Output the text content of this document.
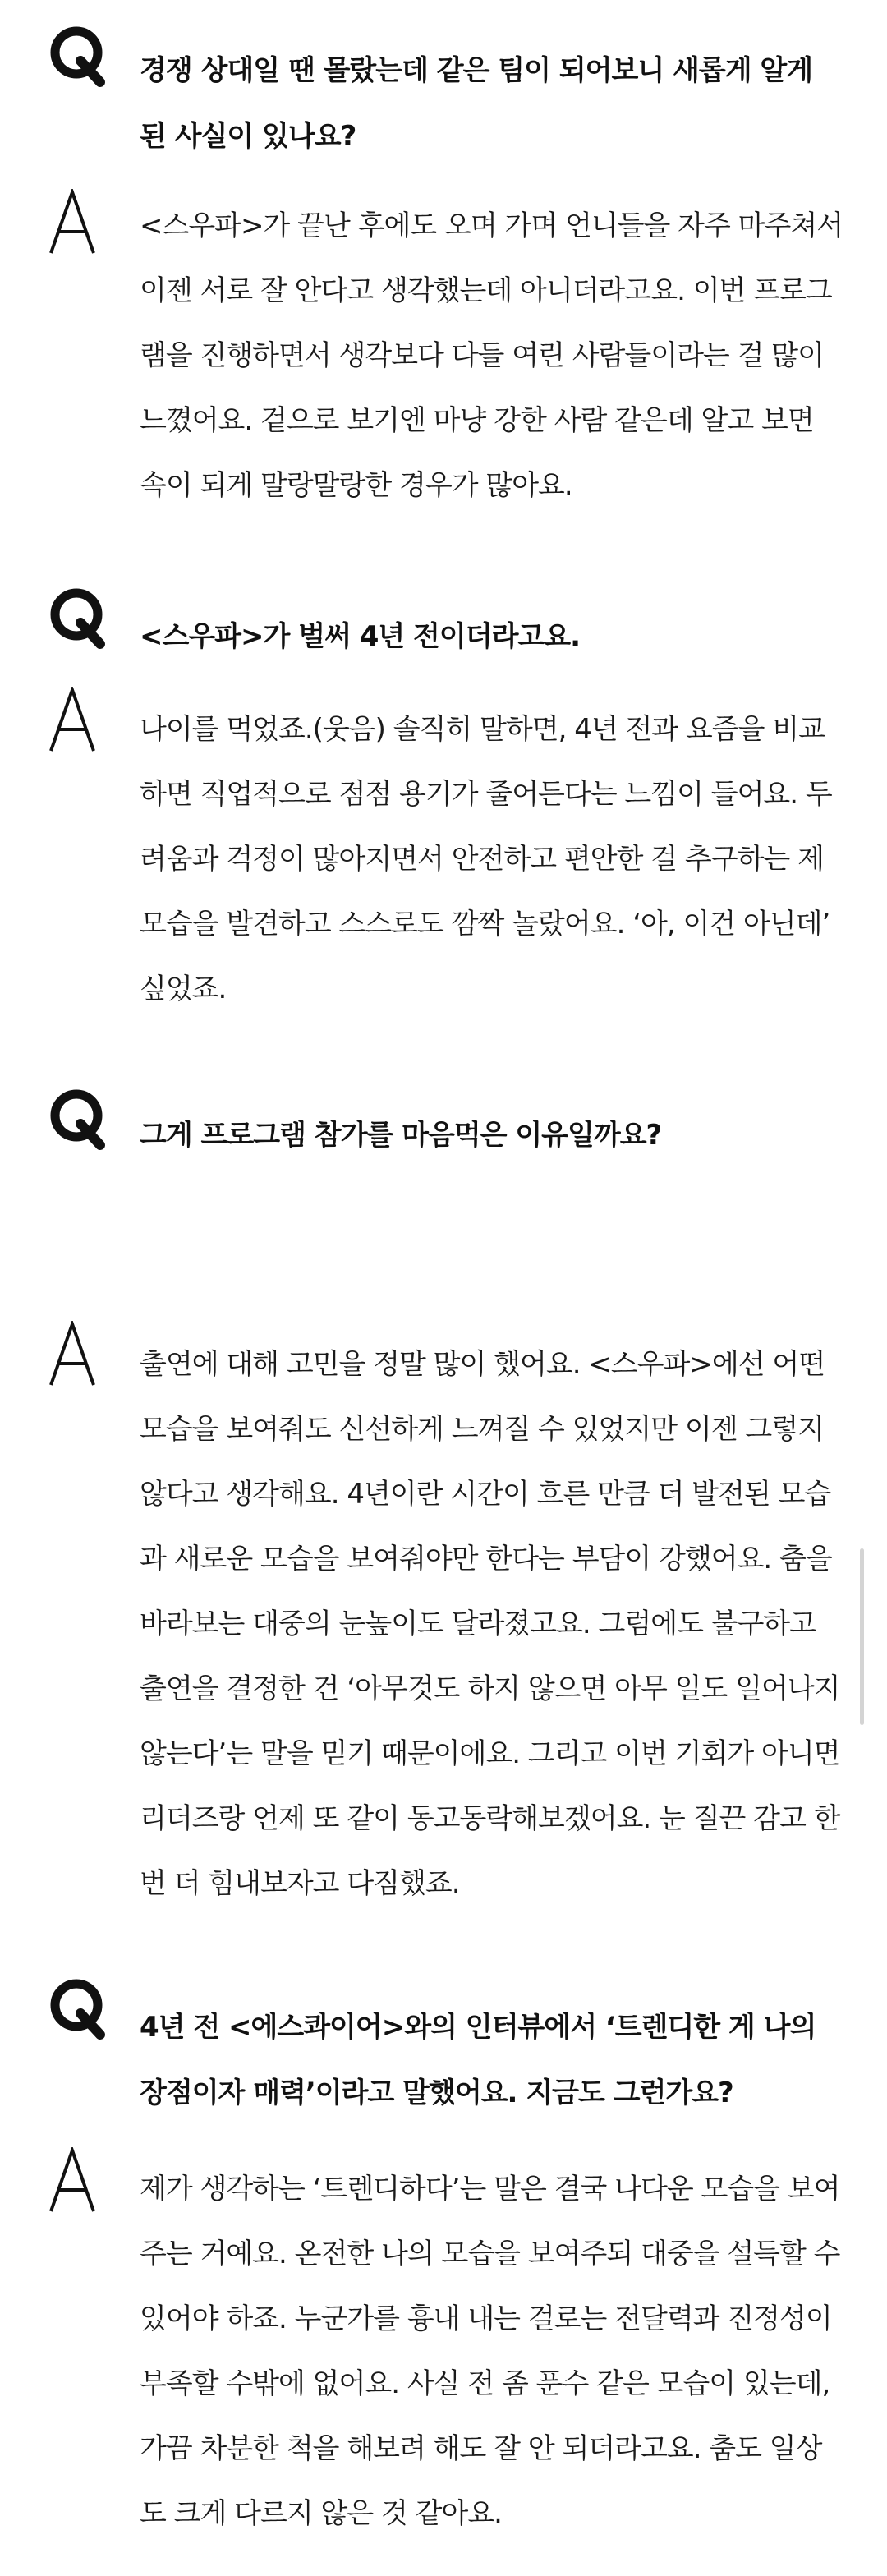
경쟁 상대일 땐 몰랐는데 같은 팀이 되어보니 새롭게 알게 된 사실이 있나요?

<스우파>가 끝난 후에도 오며 가며 언니들을 자주 마주쳐서 이젠 서로 잘 안다고 생각했는데 아니더라고요. 이번 프로그램을 진행하면서 생각보다 다들 여린 사람들이라는 걸 많이 느꼈어요. 겉으로 보기엔 마냥 강한 사람 같은데 알고 보면 속이 되게 말랑말랑한 경우가 많아요.

<스우파>가 벌써 4년 전이더라고요.

나이를 먹었죠.(웃음) 솔직히 말하면, 4년 전과 요즘을 비교하면 직업적으로 점점 용기가 줄어든다는 느낌이 들어요. 두려움과 걱정이 많아지면서 안전하고 편안한 걸 추구하는 제 모습을 발견하고 스스로도 깜짝 놀랐어요. ‘아, 이건 아닌데’ 싶었죠.

그게 프로그램 참가를 마음먹은 이유일까요?

출연에 대해 고민을 정말 많이 했어요. <스우파>에선 어떤 모습을 보여줘도 신선하게 느껴질 수 있었지만 이젠 그렇지 않다고 생각해요. 4년이란 시간이 흐른 만큼 더 발전된 모습과 새로운 모습을 보여줘야만 한다는 부담이 강했어요. 춤을 바라보는 대중의 눈높이도 달라졌고요. 그럼에도 불구하고 출연을 결정한 건 ‘아무것도 하지 않으면 아무 일도 일어나지 않는다’는 말을 믿기 때문이에요. 그리고 이번 기회가 아니면 리더즈랑 언제 또 같이 동고동락해보겠어요. 눈 질끈 감고 한번 더 힘내보자고 다짐했죠.

4년 전 <에스콰이어>와의 인터뷰에서 ‘트렌디한 게 나의 장점이자 매력’이라고 말했어요. 지금도 그런가요?

제가 생각하는 ‘트렌디하다’는 말은 결국 나다운 모습을 보여주는 거예요. 온전한 나의 모습을 보여주되 대중을 설득할 수 있어야 하죠. 누군가를 흉내 내는 걸로는 전달력과 진정성이 부족할 수밖에 없어요. 사실 전 좀 푼수 같은 모습이 있는데, 가끔 차분한 척을 해보려 해도 잘 안 되더라고요. 춤도 일상도 크게 다르지 않은 것 같아요.
